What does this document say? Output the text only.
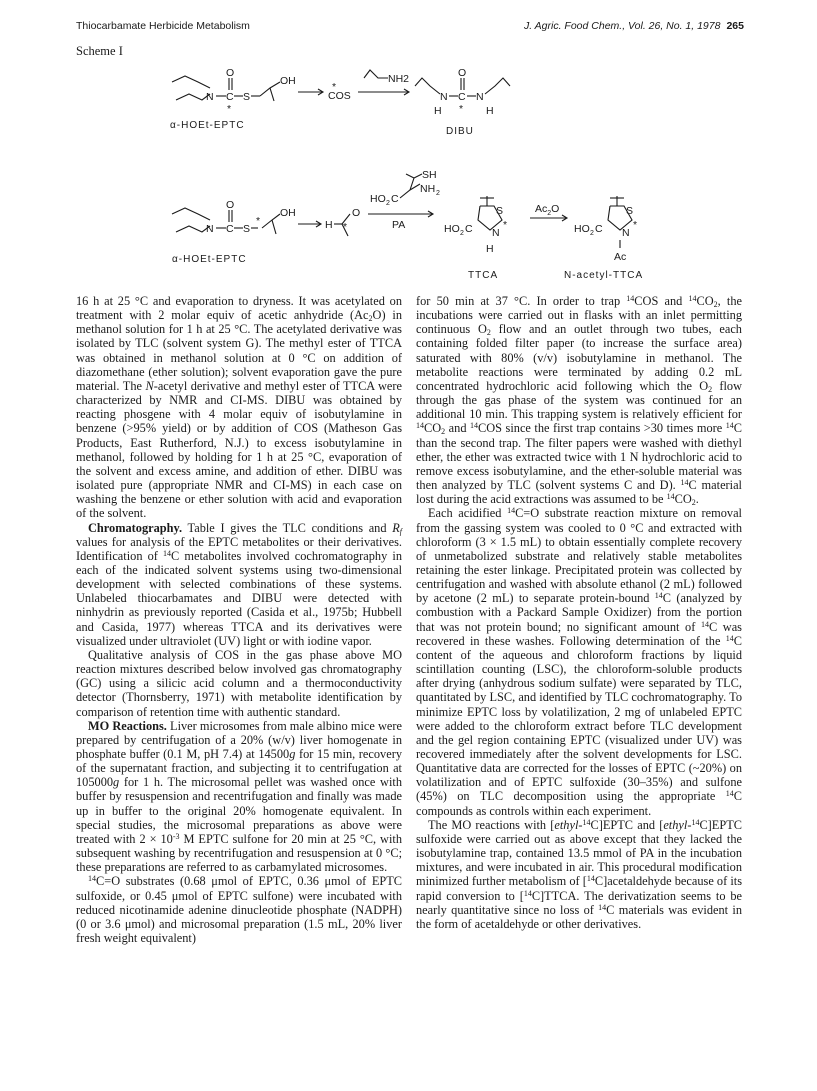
Thiocarbamate Herbicide Metabolism	J. Agric. Food Chem., Vol. 26, No. 1, 1978 265
Scheme I
N C
O
*
S
OH
α-HOEt-EPTC
*
COS
NH2
N
H
C
O
*
N
H
DIBU
N C
O
S
*
OH
α-HOEt-EPTC
H
O
*
HO 2 C
SH
NH 2
PA
S
N
*
H
HO 2 C
TTCA
$Ac_2O$	S
N
*
Ac
HO 2 C
N-acetyl-TTCA

16 h at 25 °C and evaporation to dryness. It was acetylated on treatment with 2 molar equiv of acetic anhydride $(Ac_2O)$ in methanol solution for 1 h at 25 °C. The acetylated derivative was isolated by TLC (solvent system G). The methyl ester of TTCA was obtained in methanol solution at 0 °C on addition of diazomethane (ether solution); solvent evaporation gave the pure material. The N-acetyl derivative and methyl ester of TTCA were characterized by NMR and CI-MS. DIBU was obtained by reacting phosgene with 4 molar equiv of isobutylamine in benzene (>95% yield) or by addition of COS (Matheson Gas Products, East Rutherford, N.J.) to excess isobutylamine in methanol, followed by holding for 1 h at 25 °C, evaporation of the solvent and excess amine, and addition of ether. DIBU was isolated pure (appropriate NMR and CI-MS) in each case on washing the benzene or ether solution with acid and evaporation of the solvent.

Chromatography. Table I gives the TLC conditions and $R_f$ values for analysis of the EPTC metabolites or their derivatives. Identification of $^{14}$C metabolites involved cochromatography in each of the indicated solvent systems using two-dimensional development with selected combinations of these systems. Unlabeled thiocarbamates and DIBU were detected with ninhydrin as previously reported (Casida et al., 1975b; Hubbell and Casida, 1977) whereas TTCA and its derivatives were visualized under ultraviolet (UV) light or with iodine vapor.

Qualitative analysis of COS in the gas phase above MO reaction mixtures described below involved gas chromatography (GC) using a silicic acid column and a thermoconductivity detector (Thornsberry, 1971) with metabolite identification by comparison of retention time with authentic standard.

MO Reactions. Liver microsomes from male albino mice were prepared by centrifugation of a 20% (w/v) liver homogenate in phosphate buffer (0.1 M, pH 7.4) at 14500g for 15 min, recovery of the supernatant fraction, and subjecting it to centrifugation at 105000g for 1 h. The microsomal pellet was washed once with buffer by resuspension and recentrifugation and finally was made up in buffer to the original 20% homogenate equivalent. In special studies, the microsomal preparations as above were treated with $2 \times 10^{-3}$ M EPTC sulfone for 20 min at 25 °C, with subsequent washing by recentrifugation and resuspension at 0 °C; these preparations are referred to as carbamylated microsomes.

$^{14}$C=O substrates (0.68 μmol of EPTC, 0.36 μmol of EPTC sulfoxide, or 0.45 μmol of EPTC sulfone) were incubated with reduced nicotinamide adenine dinucleotide phosphate (NADPH) (0 or 3.6 μmol) and microsomal preparation (1.5 mL, 20% liver fresh weight equivalent)

for 50 min at 37 °C. In order to trap $^{14}$COS and $^{14}CO_2$, the incubations were carried out in flasks with an inlet permitting continuous $O_2$ flow and an outlet through two tubes, each containing folded filter paper (to increase the surface area) saturated with 80% (v/v) isobutylamine in methanol. The metabolite reactions were terminated by adding 0.2 mL concentrated hydrochloric acid following which the $O_2$ flow through the gas phase of the system was continued for an additional 10 min. This trapping system is relatively efficient for $^{14}CO_2$ and $^{14}$COS since the first trap contains >30 times more $^{14}$C than the second trap. The filter papers were washed with diethyl ether, the ether was extracted twice with 1 N hydrochloric acid to remove excess isobutylamine, and the ether-soluble material was then analyzed by TLC (solvent systems C and D). $^{14}$C material lost during the acid extractions was assumed to be $^{14}CO_2$.

Each acidified $^{14}$C=O substrate reaction mixture on removal from the gassing system was cooled to 0 °C and extracted with chloroform (3 × 1.5 mL) to obtain essentially complete recovery of unmetabolized substrate and relatively stable metabolites retaining the ester linkage. Precipitated protein was collected by centrifugation and washed with absolute ethanol (2 mL) followed by acetone (2 mL) to separate protein-bound $^{14}$C (analyzed by combustion with a Packard Sample Oxidizer) from the portion that was not protein bound; no significant amount of $^{14}$C was recovered in these washes. Following determination of the $^{14}$C content of the aqueous and chloroform fractions by liquid scintillation counting (LSC), the chloroform-soluble products after drying (anhydrous sodium sulfate) were separated by TLC, quantitated by LSC, and identified by TLC cochromatography. To minimize EPTC loss by volatilization, 2 mg of unlabeled EPTC were added to the chloroform extract before TLC development and the gel region containing EPTC (visualized under UV) was recovered immediately after the solvent developments for LSC. Quantitative data are corrected for the losses of EPTC (~20%) on volatilization and of EPTC sulfoxide (30–35%) and sulfone (45%) on TLC decomposition using the appropriate $^{14}$C compounds as controls within each experiment.

The MO reactions with [ethyl-$^{14}$C]EPTC and [ethyl-$^{14}$C]EPTC sulfoxide were carried out as above except that they lacked the isobutylamine trap, contained 13.5 mmol of PA in the incubation mixtures, and were incubated in air. This procedural modification minimized further metabolism of [$^{14}$C]acetaldehyde because of its rapid conversion to [$^{14}$C]TTCA. The derivatization seems to be nearly quantitative since no loss of $^{14}$C materials was evident in the form of acetaldehyde or other derivatives.
